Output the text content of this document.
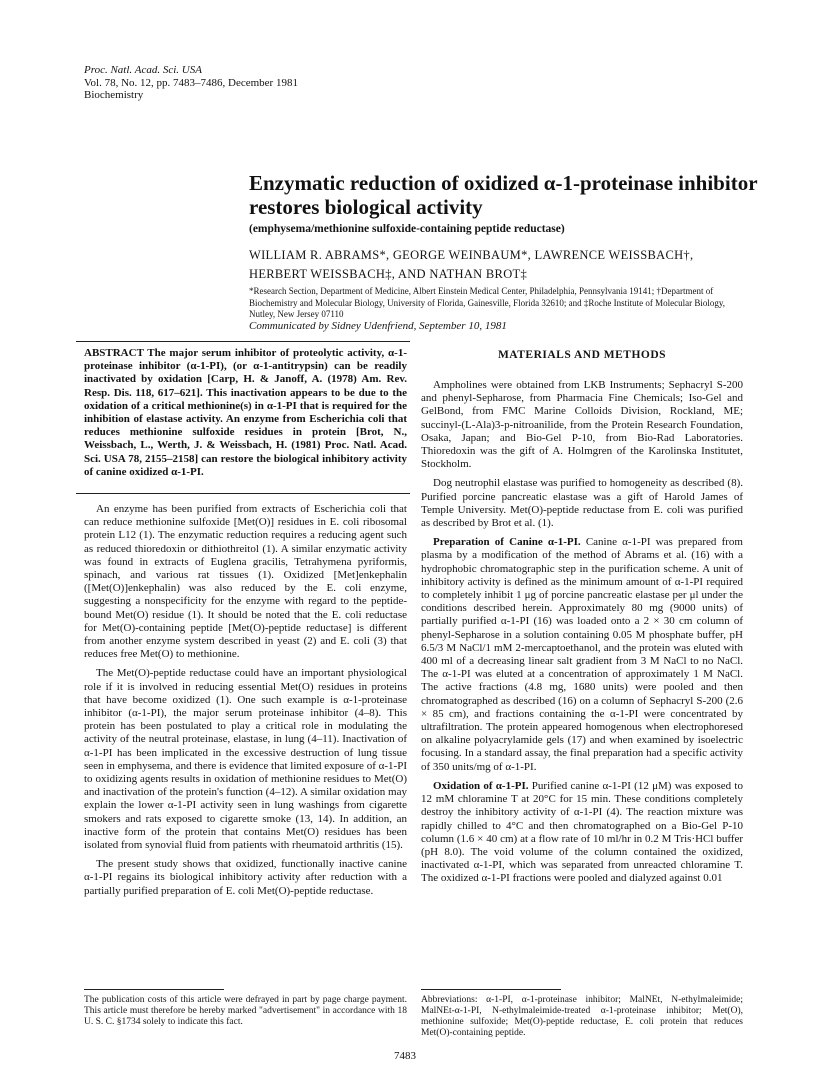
Proc. Natl. Acad. Sci. USA
Vol. 78, No. 12, pp. 7483–7486, December 1981
Biochemistry
Enzymatic reduction of oxidized α-1-proteinase inhibitor restores biological activity
(emphysema/methionine sulfoxide-containing peptide reductase)
WILLIAM R. ABRAMS*, GEORGE WEINBAUM*, LAWRENCE WEISSBACH†, HERBERT WEISSBACH‡, AND NATHAN BROT‡
*Research Section, Department of Medicine, Albert Einstein Medical Center, Philadelphia, Pennsylvania 19141; †Department of Biochemistry and Molecular Biology, University of Florida, Gainesville, Florida 32610; and ‡Roche Institute of Molecular Biology, Nutley, New Jersey 07110
Communicated by Sidney Udenfriend, September 10, 1981
ABSTRACT The major serum inhibitor of proteolytic activity, α-1-proteinase inhibitor (α-1-PI), (or α-1-antitrypsin) can be readily inactivated by oxidation [Carp, H. & Janoff, A. (1978) Am. Rev. Resp. Dis. 118, 617–621]. This inactivation appears to be due to the oxidation of a critical methionine(s) in α-1-PI that is required for the inhibition of elastase activity. An enzyme from Escherichia coli that reduces methionine sulfoxide residues in protein [Brot, N., Weissbach, L., Werth, J. & Weissbach, H. (1981) Proc. Natl. Acad. Sci. USA 78, 2155–2158] can restore the biological inhibitory activity of canine oxidized α-1-PI.

An enzyme has been purified from extracts of Escherichia coli that can reduce methionine sulfoxide [Met(O)] residues in E. coli ribosomal protein L12 (1). The enzymatic reduction requires a reducing agent such as reduced thioredoxin or dithiothreitol (1). A similar enzymatic activity was found in extracts of Euglena gracilis, Tetrahymena pyriformis, spinach, and various rat tissues (1). Oxidized [Met]enkephalin ([Met(O)]enkephalin) was also reduced by the E. coli enzyme, suggesting a nonspecificity for the enzyme with regard to the peptide-bound Met(O) residue (1). It should be noted that the E. coli reductase for Met(O)-containing peptide [Met(O)-peptide reductase] is different from another enzyme system described in yeast (2) and E. coli (3) that reduces free Met(O) to methionine.

The Met(O)-peptide reductase could have an important physiological role if it is involved in reducing essential Met(O) residues in proteins that have become oxidized (1). One such example is α-1-proteinase inhibitor (α-1-PI), the major serum proteinase inhibitor (4–8). This protein has been postulated to play a critical role in modulating the activity of the neutral proteinase, elastase, in lung (4–11). Inactivation of α-1-PI has been implicated in the excessive destruction of lung tissue seen in emphysema, and there is evidence that limited exposure of α-1-PI to oxidizing agents results in oxidation of methionine residues to Met(O) and inactivation of the protein's function (4–12). A similar oxidation may explain the lower α-1-PI activity seen in lung washings from cigarette smokers and rats exposed to cigarette smoke (13, 14). In addition, an inactive form of the protein that contains Met(O) residues has been isolated from synovial fluid from patients with rheumatoid arthritis (15).

The present study shows that oxidized, functionally inactive canine α-1-PI regains its biological inhibitory activity after reduction with a partially purified preparation of E. coli Met(O)-peptide reductase.

MATERIALS AND METHODS

Ampholines were obtained from LKB Instruments; Sephacryl S-200 and phenyl-Sepharose, from Pharmacia Fine Chemicals; Iso-Gel and GelBond, from FMC Marine Colloids Division, Rockland, ME; succinyl-(L-Ala)3-p-nitroanilide, from the Protein Research Foundation, Osaka, Japan; and Bio-Gel P-10, from Bio-Rad Laboratories. Thioredoxin was the gift of A. Holmgren of the Karolinska Institutet, Stockholm.

Dog neutrophil elastase was purified to homogeneity as described (8). Purified porcine pancreatic elastase was a gift of Harold James of Temple University. Met(O)-peptide reductase from E. coli was purified as described by Brot et al. (1).

Preparation of Canine α-1-PI. Canine α-1-PI was prepared from plasma by a modification of the method of Abrams et al. (16) with a hydrophobic chromatographic step in the purification scheme. A unit of inhibitory activity is defined as the minimum amount of α-1-PI required to completely inhibit 1 μg of porcine pancreatic elastase per μl under the conditions described herein. Approximately 80 mg (9000 units) of partially purified α-1-PI (16) was loaded onto a 2 × 30 cm column of phenyl-Sepharose in a solution containing 0.05 M phosphate buffer, pH 6.5/3 M NaCl/1 mM 2-mercaptoethanol, and the protein was eluted with 400 ml of a decreasing linear salt gradient from 3 M NaCl to no NaCl. The α-1-PI was eluted at a concentration of approximately 1 M NaCl. The active fractions (4.8 mg, 1680 units) were pooled and then chromatographed as described (16) on a column of Sephacryl S-200 (2.6 × 85 cm), and fractions containing the α-1-PI were concentrated by ultrafiltration. The protein appeared homogenous when electrophoresed on alkaline polyacrylamide gels (17) and when examined by isoelectric focusing. In a standard assay, the final preparation had a specific activity of 350 units/mg of α-1-PI.

Oxidation of α-1-PI. Purified canine α-1-PI (12 μM) was exposed to 12 mM chloramine T at 20°C for 15 min. These conditions completely destroy the inhibitory activity of α-1-PI (4). The reaction mixture was rapidly chilled to 4°C and then chromatographed on a Bio-Gel P-10 column (1.6 × 40 cm) at a flow rate of 10 ml/hr in 0.2 M Tris·HCl buffer (pH 8.0). The void volume of the column contained the oxidized, inactivated α-1-PI, which was separated from unreacted chloramine T. The oxidized α-1-PI fractions were pooled and dialyzed against 0.01

The publication costs of this article were defrayed in part by page charge payment. This article must therefore be hereby marked "advertisement" in accordance with 18 U. S. C. §1734 solely to indicate this fact.
Abbreviations: α-1-PI, α-1-proteinase inhibitor; MalNEt, N-ethylmaleimide; MalNEt-α-1-PI, N-ethylmaleimide-treated α-1-proteinase inhibitor; Met(O), methionine sulfoxide; Met(O)-peptide reductase, E. coli protein that reduces Met(O)-containing peptide.
7483
